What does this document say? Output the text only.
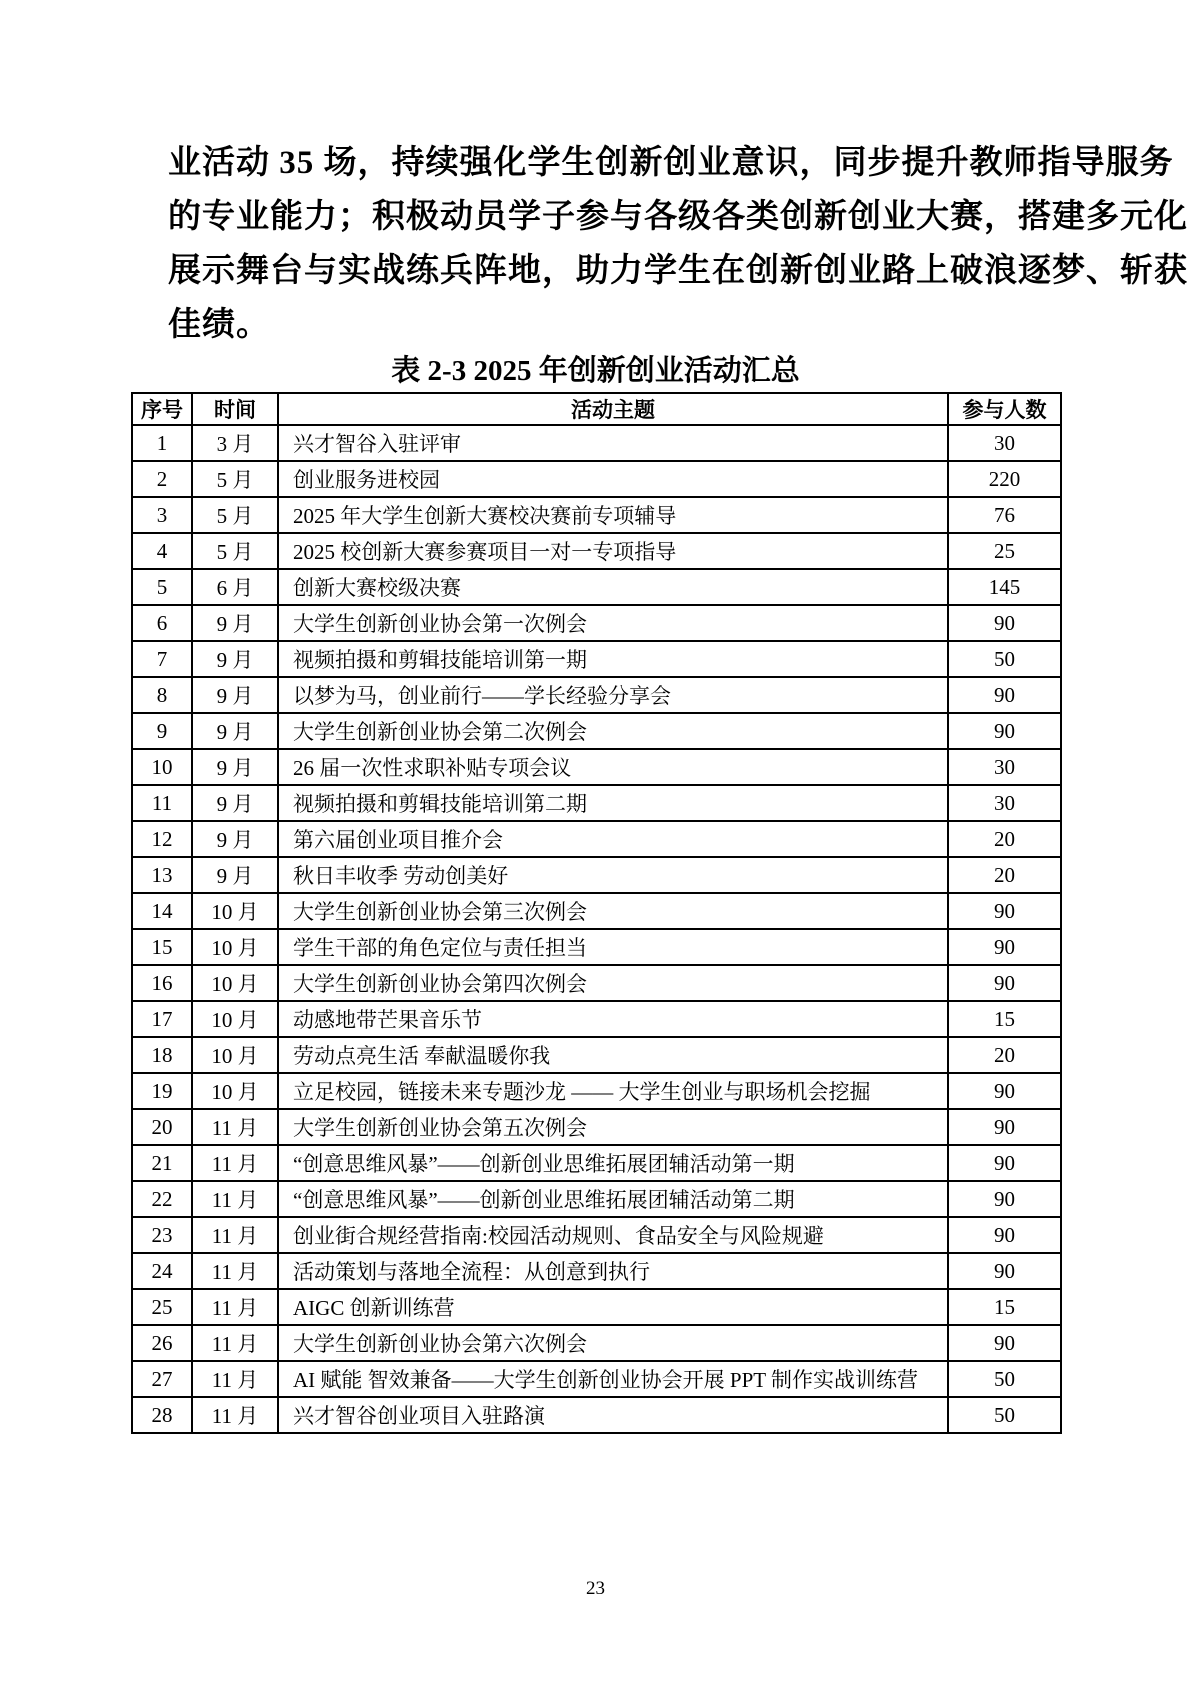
业活动 35 场，持续强化学生创新创业意识，同步提升教师指导服务
的专业能力；积极动员学子参与各级各类创新创业大赛，搭建多元化
展示舞台与实战练兵阵地，助力学生在创新创业路上破浪逐梦、斩获
佳绩。
表 2-3 2025 年创新创业活动汇总
序号	时间	活动主题	参与人数
1	3 月	兴才智谷入驻评审	30
2	5 月	创业服务进校园	220
3	5 月	2025 年大学生创新大赛校决赛前专项辅导	76
4	5 月	2025 校创新大赛参赛项目一对一专项指导	25
5	6 月	创新大赛校级决赛	145
6	9 月	大学生创新创业协会第一次例会	90
7	9 月	视频拍摄和剪辑技能培训第一期	50
8	9 月	以梦为马，创业前行——学长经验分享会	90
9	9 月	大学生创新创业协会第二次例会	90
10	9 月	26 届一次性求职补贴专项会议	30
11	9 月	视频拍摄和剪辑技能培训第二期	30
12	9 月	第六届创业项目推介会	20
13	9 月	秋日丰收季 劳动创美好	20
14	10 月	大学生创新创业协会第三次例会	90
15	10 月	学生干部的角色定位与责任担当	90
16	10 月	大学生创新创业协会第四次例会	90
17	10 月	动感地带芒果音乐节	15
18	10 月	劳动点亮生活 奉献温暖你我	20
19	10 月	立足校园，链接未来专题沙龙 —— 大学生创业与职场机会挖掘	90
20	11 月	大学生创新创业协会第五次例会	90
21	11 月	“创意思维风暴”——创新创业思维拓展团辅活动第一期	90
22	11 月	“创意思维风暴”——创新创业思维拓展团辅活动第二期	90
23	11 月	创业街合规经营指南:校园活动规则、食品安全与风险规避	90
24	11 月	活动策划与落地全流程：从创意到执行	90
25	11 月	AIGC 创新训练营	15
26	11 月	大学生创新创业协会第六次例会	90
27	11 月	AI 赋能 智效兼备——大学生创新创业协会开展 PPT 制作实战训练营	50
28	11 月	兴才智谷创业项目入驻路演	50
23
